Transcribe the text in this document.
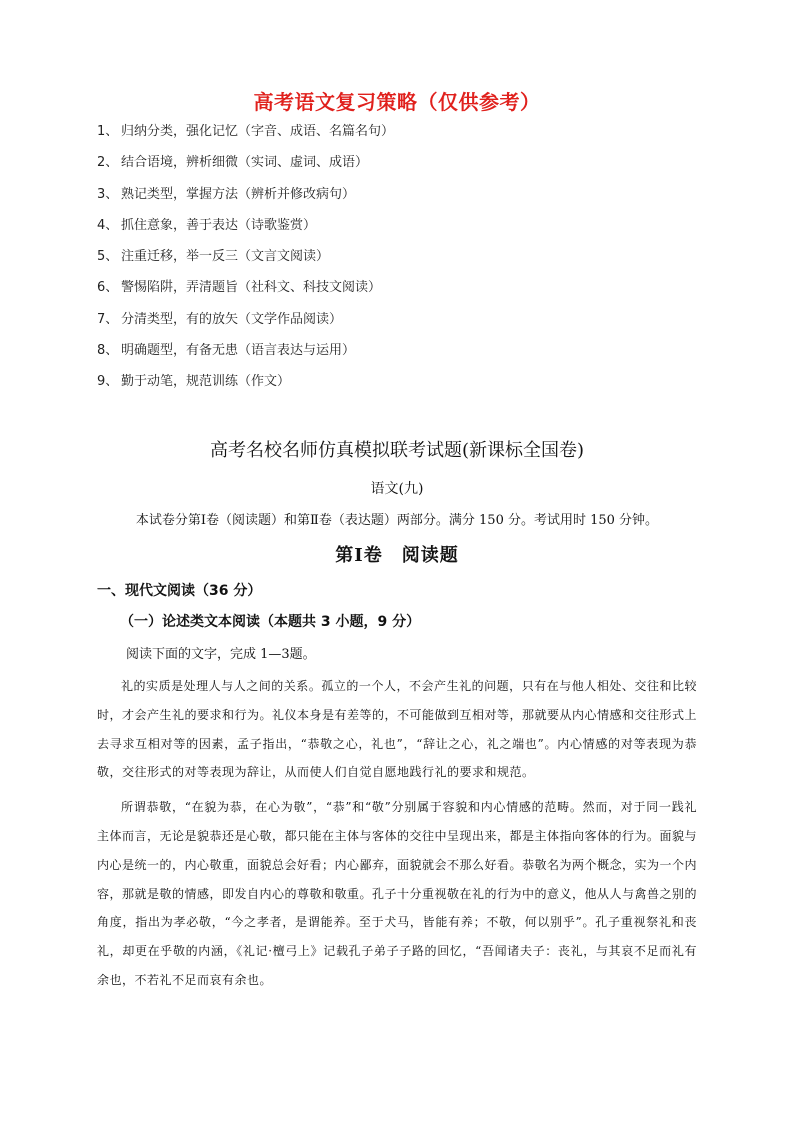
高考语文复习策略（仅供参考）
1、 归纳分类，强化记忆（字音、成语、名篇名句）
2、 结合语境，辨析细微（实词、虚词、成语）
3、 熟记类型，掌握方法（辨析并修改病句）
4、 抓住意象，善于表达（诗歌鉴赏）
5、 注重迁移，举一反三（文言文阅读）
6、 警惕陷阱，弄清题旨（社科文、科技文阅读）
7、 分清类型，有的放矢（文学作品阅读）
8、 明确题型，有备无患（语言表达与运用）
9、 勤于动笔，规范训练（作文）
高考名校名师仿真模拟联考试题(新课标全国卷)
语文(九)
本试卷分第Ⅰ卷（阅读题）和第Ⅱ卷（表达题）两部分。满分 150 分。考试用时 150 分钟。
第Ⅰ卷　阅读题
一、现代文阅读（36 分）
（一）论述类文本阅读（本题共 3 小题，9 分）
阅读下面的文字，完成 1—3题。

礼的实质是处理人与人之间的关系。孤立的一个人，不会产生礼的问题，只有在与他人相处、交往和比较时，才会产生礼的要求和行为。礼仪本身是有差等的，不可能做到互相对等，那就要从内心情感和交往形式上去寻求互相对等的因素，孟子指出，“恭敬之心，礼也”，“辞让之心，礼之端也”。内心情感的对等表现为恭敬，交往形式的对等表现为辞让，从而使人们自觉自愿地践行礼的要求和规范。

所谓恭敬，“在貌为恭，在心为敬”，“恭”和“敬”分别属于容貌和内心情感的范畴。然而，对于同一践礼主体而言，无论是貌恭还是心敬，都只能在主体与客体的交往中呈现出来，都是主体指向客体的行为。面貌与内心是统一的，内心敬重，面貌总会好看；内心鄙弃，面貌就会不那么好看。恭敬名为两个概念，实为一个内容，那就是敬的情感，即发自内心的尊敬和敬重。孔子十分重视敬在礼的行为中的意义，他从人与禽兽之别的角度，指出为孝必敬，“今之孝者，是谓能养。至于犬马，皆能有养；不敬，何以别乎”。孔子重视祭礼和丧礼，却更在乎敬的内涵，《礼记·檀弓上》记载孔子弟子子路的回忆，“吾闻诸夫子：丧礼，与其哀不足而礼有余也，不若礼不足而哀有余也。
